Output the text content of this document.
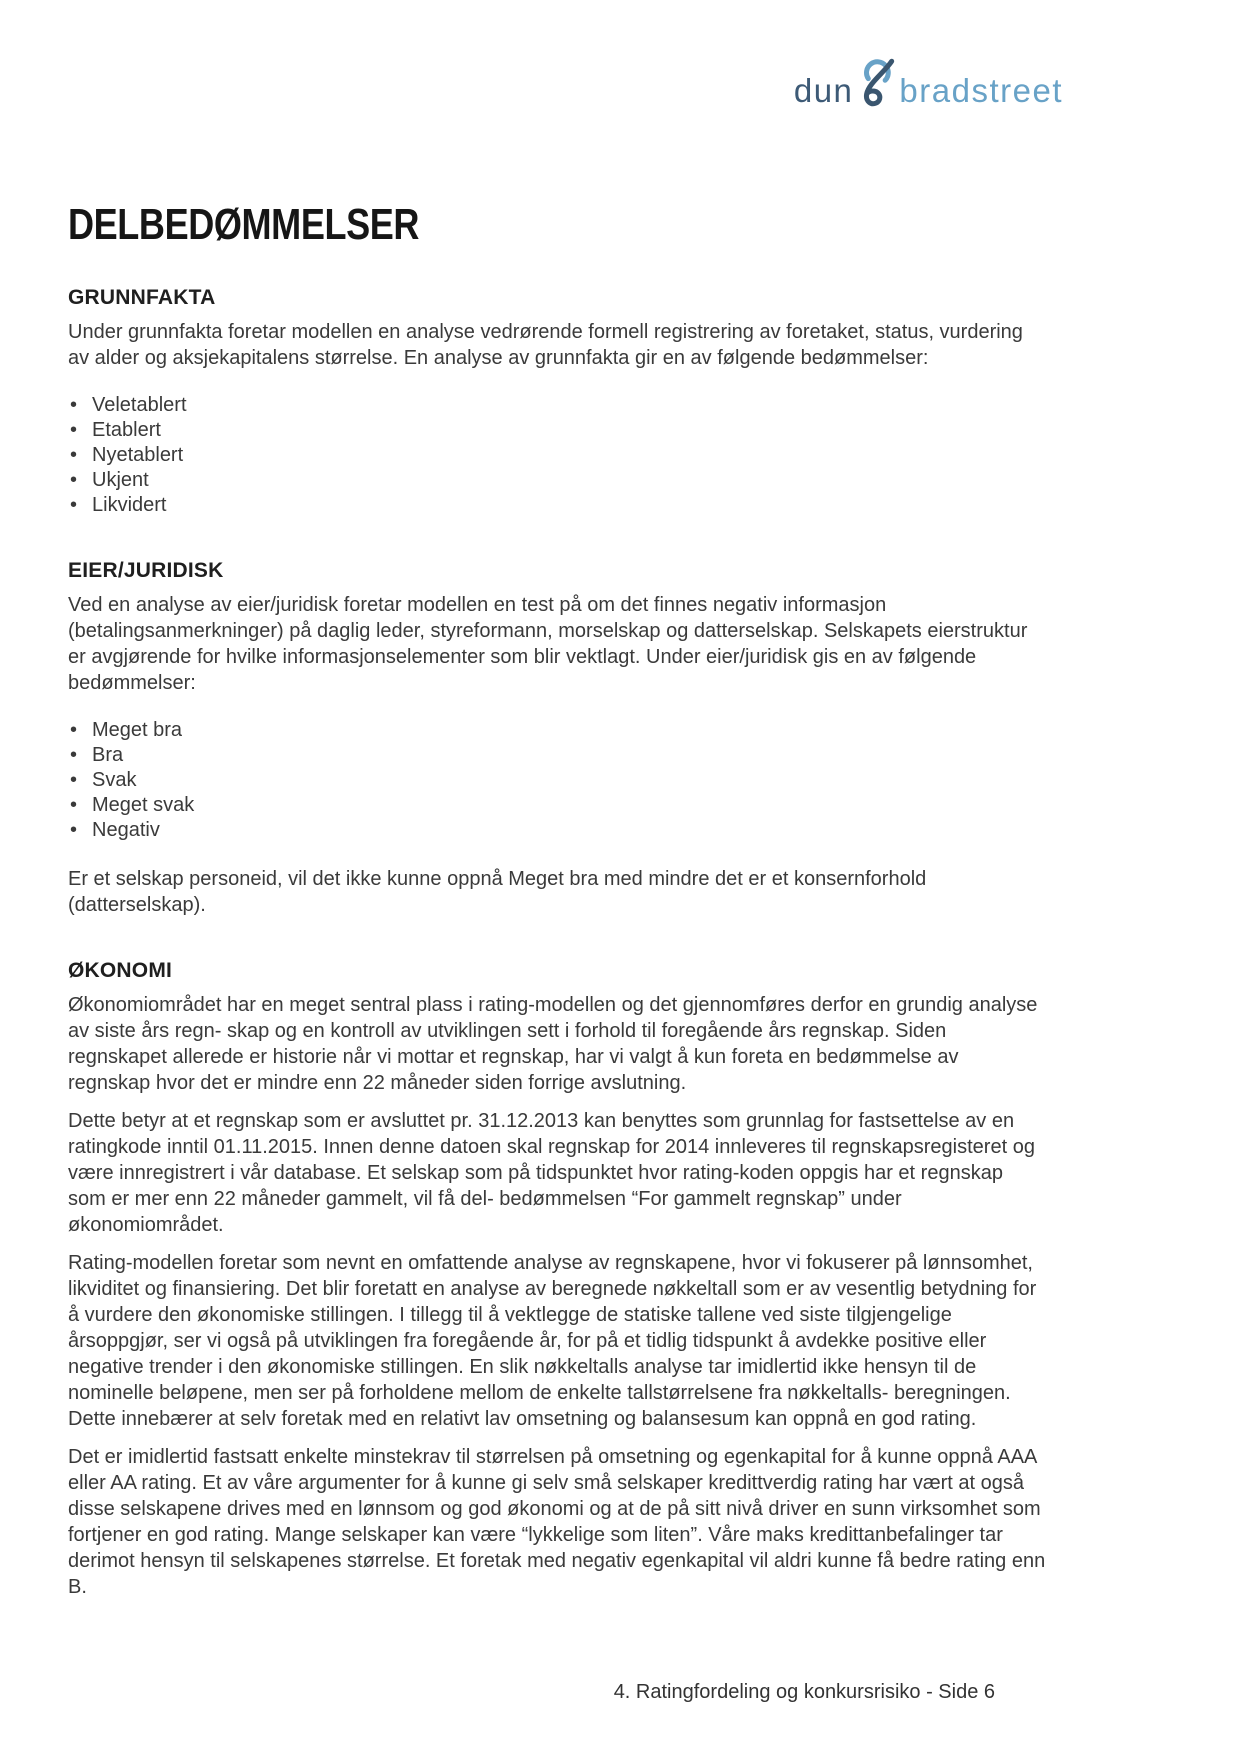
dun bradstreet
DELBEDØMMELSER
GRUNNFAKTA

Under grunnfakta foretar modellen en analyse vedrørende formell registrering av foretaket, status, vurdering av alder og aksjekapitalens størrelse. En analyse av grunnfakta gir en av følgende bedømmelser:

• Veletablert
• Etablert
• Nyetablert
• Ukjent
• Likvidert
EIER/JURIDISK

Ved en analyse av eier/juridisk foretar modellen en test på om det finnes negativ informasjon (betalingsanmerkninger) på daglig leder, styreformann, morselskap og datterselskap. Selskapets eierstruktur er avgjørende for hvilke informasjonselementer som blir vektlagt. Under eier/juridisk gis en av følgende bedømmelser:

• Meget bra
• Bra
• Svak
• Meget svak
• Negativ

Er et selskap personeid, vil det ikke kunne oppnå Meget bra med mindre det er et konsernforhold (datterselskap).

ØKONOMI

Økonomiområdet har en meget sentral plass i rating-modellen og det gjennomføres derfor en grundig analyse av siste års regn- skap og en kontroll av utviklingen sett i forhold til foregående års regnskap. Siden regnskapet allerede er historie når vi mottar et regnskap, har vi valgt å kun foreta en bedømmelse av regnskap hvor det er mindre enn 22 måneder siden forrige avslutning.

Dette betyr at et regnskap som er avsluttet pr. 31.12.2013 kan benyttes som grunnlag for fastsettelse av en ratingkode inntil 01.11.2015. Innen denne datoen skal regnskap for 2014 innleveres til regnskapsregisteret og være innregistrert i vår database. Et selskap som på tidspunktet hvor rating-koden oppgis har et regnskap som er mer enn 22 måneder gammelt, vil få del- bedømmelsen “For gammelt regnskap” under økonomiområdet.

Rating-modellen foretar som nevnt en omfattende analyse av regnskapene, hvor vi fokuserer på lønnsomhet, likviditet og finansiering. Det blir foretatt en analyse av beregnede nøkkeltall som er av vesentlig betydning for å vurdere den økonomiske stillingen. I tillegg til å vektlegge de statiske tallene ved siste tilgjengelige årsoppgjør, ser vi også på utviklingen fra foregående år, for på et tidlig tidspunkt å avdekke positive eller negative trender i den økonomiske stillingen. En slik nøkkeltalls analyse tar imidlertid ikke hensyn til de nominelle beløpene, men ser på forholdene mellom de enkelte tallstørrelsene fra nøkkeltalls- beregningen. Dette innebærer at selv foretak med en relativt lav omsetning og balansesum kan oppnå en god rating.

Det er imidlertid fastsatt enkelte minstekrav til størrelsen på omsetning og egenkapital for å kunne oppnå AAA eller AA rating. Et av våre argumenter for å kunne gi selv små selskaper kredittverdig rating har vært at også disse selskapene drives med en lønnsom og god økonomi og at de på sitt nivå driver en sunn virksomhet som fortjener en god rating. Mange selskaper kan være “lykkelige som liten”. Våre maks kredittanbefalinger tar derimot hensyn til selskapenes størrelse. Et foretak med negativ egenkapital vil aldri kunne få bedre rating enn B.

4. Ratingfordeling og konkursrisiko - Side 6
